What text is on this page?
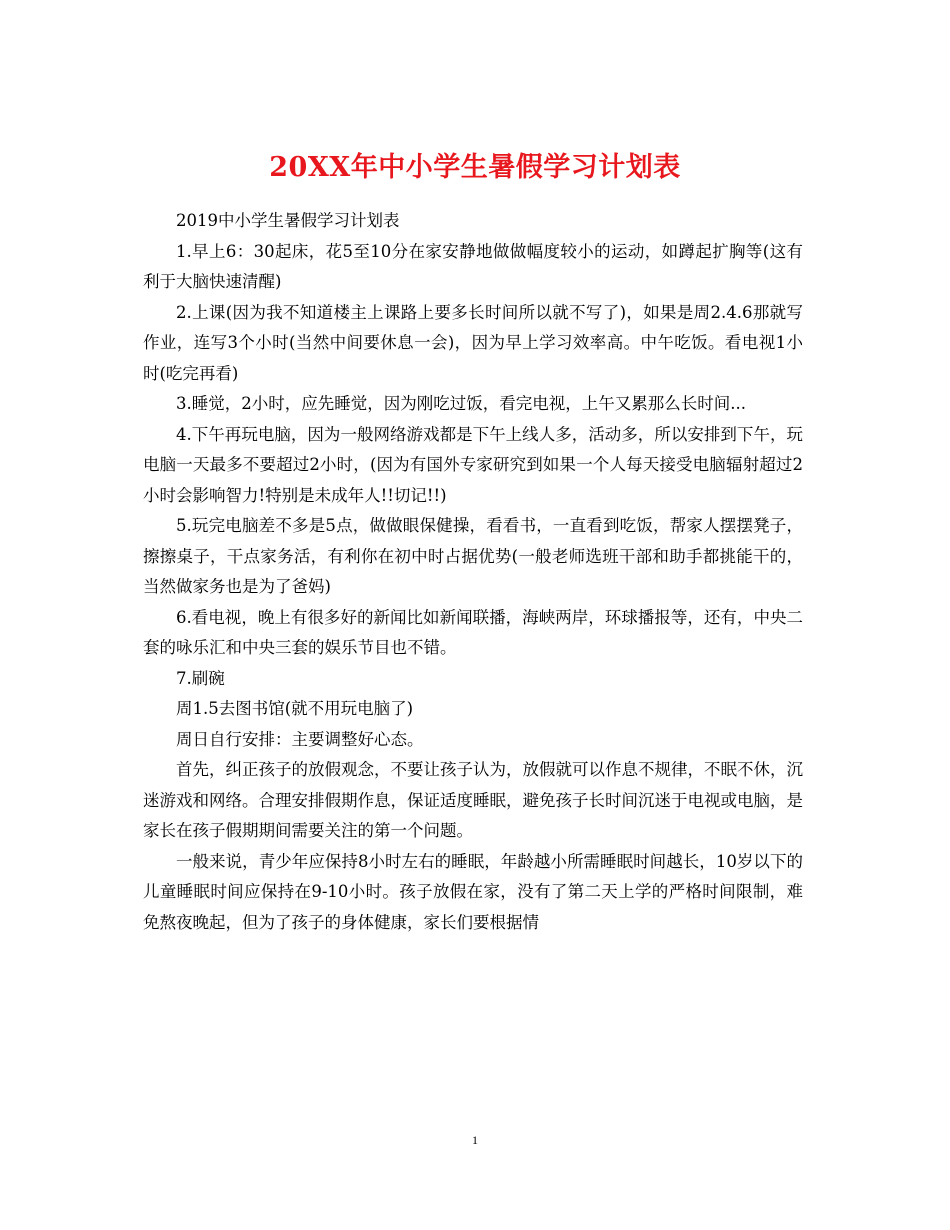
20XX年中小学生暑假学习计划表

2019中小学生暑假学习计划表

1.早上6：30起床，花5至10分在家安静地做做幅度较小的运动，如蹲起扩胸等(这有利于大脑快速清醒)

2.上课(因为我不知道楼主上课路上要多长时间所以就不写了)，如果是周2.4.6那就写作业，连写3个小时(当然中间要休息一会)，因为早上学习效率高。中午吃饭。看电视1小时(吃完再看)

3.睡觉，2小时，应先睡觉，因为刚吃过饭，看完电视，上午又累那么长时间...

4.下午再玩电脑，因为一般网络游戏都是下午上线人多，活动多，所以安排到下午，玩电脑一天最多不要超过2小时，(因为有国外专家研究到如果一个人每天接受电脑辐射超过2小时会影响智力!特别是未成年人!!切记!!)

5.玩完电脑差不多是5点，做做眼保健操，看看书，一直看到吃饭，帮家人摆摆凳子，擦擦桌子，干点家务活，有利你在初中时占据优势(一般老师选班干部和助手都挑能干的，当然做家务也是为了爸妈)

6.看电视，晚上有很多好的新闻比如新闻联播，海峡两岸，环球播报等，还有，中央二套的咏乐汇和中央三套的娱乐节目也不错。

7.刷碗

周1.5去图书馆(就不用玩电脑了)

周日自行安排：主要调整好心态。

首先，纠正孩子的放假观念，不要让孩子认为，放假就可以作息不规律，不眠不休，沉迷游戏和网络。合理安排假期作息，保证适度睡眠，避免孩子长时间沉迷于电视或电脑，是家长在孩子假期期间需要关注的第一个问题。

一般来说，青少年应保持8小时左右的睡眠，年龄越小所需睡眠时间越长，10岁以下的儿童睡眠时间应保持在9-10小时。孩子放假在家，没有了第二天上学的严格时间限制，难免熬夜晚起，但为了孩子的身体健康，家长们要根据情

1
